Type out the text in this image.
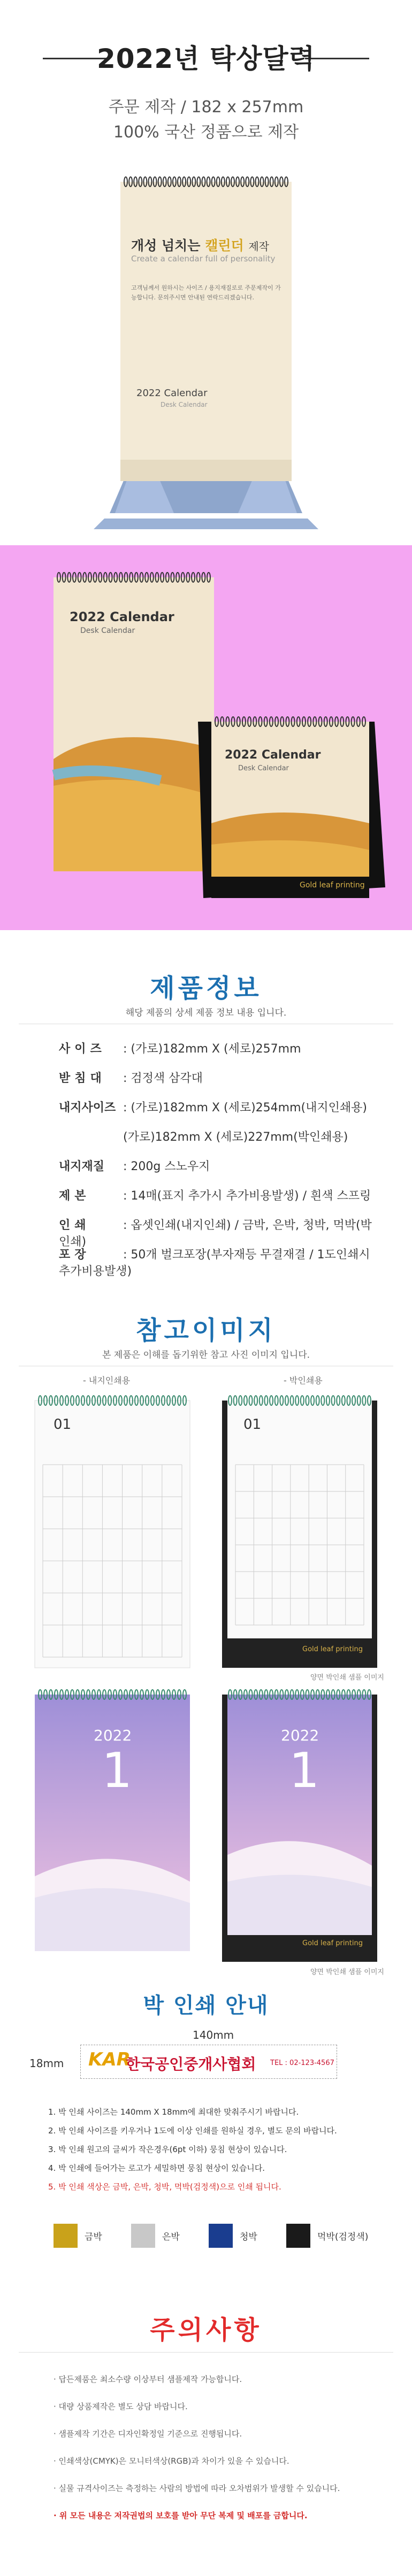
2022년 탁상달력
주문 제작 / 182 x 257mm
100% 국산 정품으로 제작
개성 넘치는 캘린더 제작
Create a calendar full of personality
고객님께서 원하시는 사이즈 / 용지재질로로 주문제작이 가능합니다. 문의주시면 안내된 연락드리겠습니다.
2022 Calendar
Desk Calendar
2022 Calendar
Desk Calendar
2022 Calendar
Desk Calendar
Gold leaf printing
제품정보
해당 제품의 상세 제품 정보 내용 입니다.
사이즈 : (가로)182mm X (세로)257mm
받침대 : 검정색 삼각대
내지사이즈 : (가로)182mm X (세로)254mm(내지인쇄용)
(가로)182mm X (세로)227mm(박인쇄용)
내지재질 : 200g 스노우지
제본	: 14매(표지 추가시 추가비용발생) / 흰색 스프링
인쇄	: 옵셋인쇄(내지인쇄) / 금박, 은박, 청박, 먹박(박인쇄)
포장	: 50개 벌크포장(부자재등 무결재결 / 1도인쇄시 추가비용발생)
참고이미지
본 제품은 이해를 돕기위한 참고 사진 이미지 입니다.
- 내지인쇄용	- 박인쇄용
01	01
Gold leaf printing
양면 박인쇄 샘플 이미지
2022
1
2022
1
Gold leaf printing
양면 박인쇄 샘플 이미지
박 인쇄 안내
140mm
18mm KAR
한국공인중개사협회 TEL : 02-123-4567
1. 박 인쇄 사이즈는 140mm X 18mm에 최대한 맞춰주시기 바랍니다.
2. 박 인쇄 사이즈를 키우거나 1도에 이상 인쇄를 원하실 경우, 별도 문의 바랍니다.
3. 박 인쇄 원고의 글씨가 작은경우(6pt 이하) 뭉침 현상이 있습니다.
4. 박 인쇄에 들어가는 로고가 세밀하면 뭉침 현상이 있습니다.
5. 박 인쇄 색상은 금박, 은박, 청박, 먹박(검정색)으로 인쇄 됩니다.
금박	은박	청박	먹박(검정색)
주의사항
· 답든제품은 최소수량 이상부터 샘플제작 가능합니다.
· 대량 상품제작은 별도 상담 바랍니다.
· 샘플제작 기간은 디자인확정일 기준으로 진행됩니다.
· 인쇄색상(CMYK)은 모니터색상(RGB)과 차이가 있을 수 있습니다.
· 실물 규격사이즈는 측정하는 사람의 방법에 따라 오차범위가 발생할 수 있습니다.
· 위 모든 내용은 저작권법의 보호를 받아 무단 복제 및 배포를 금합니다.
